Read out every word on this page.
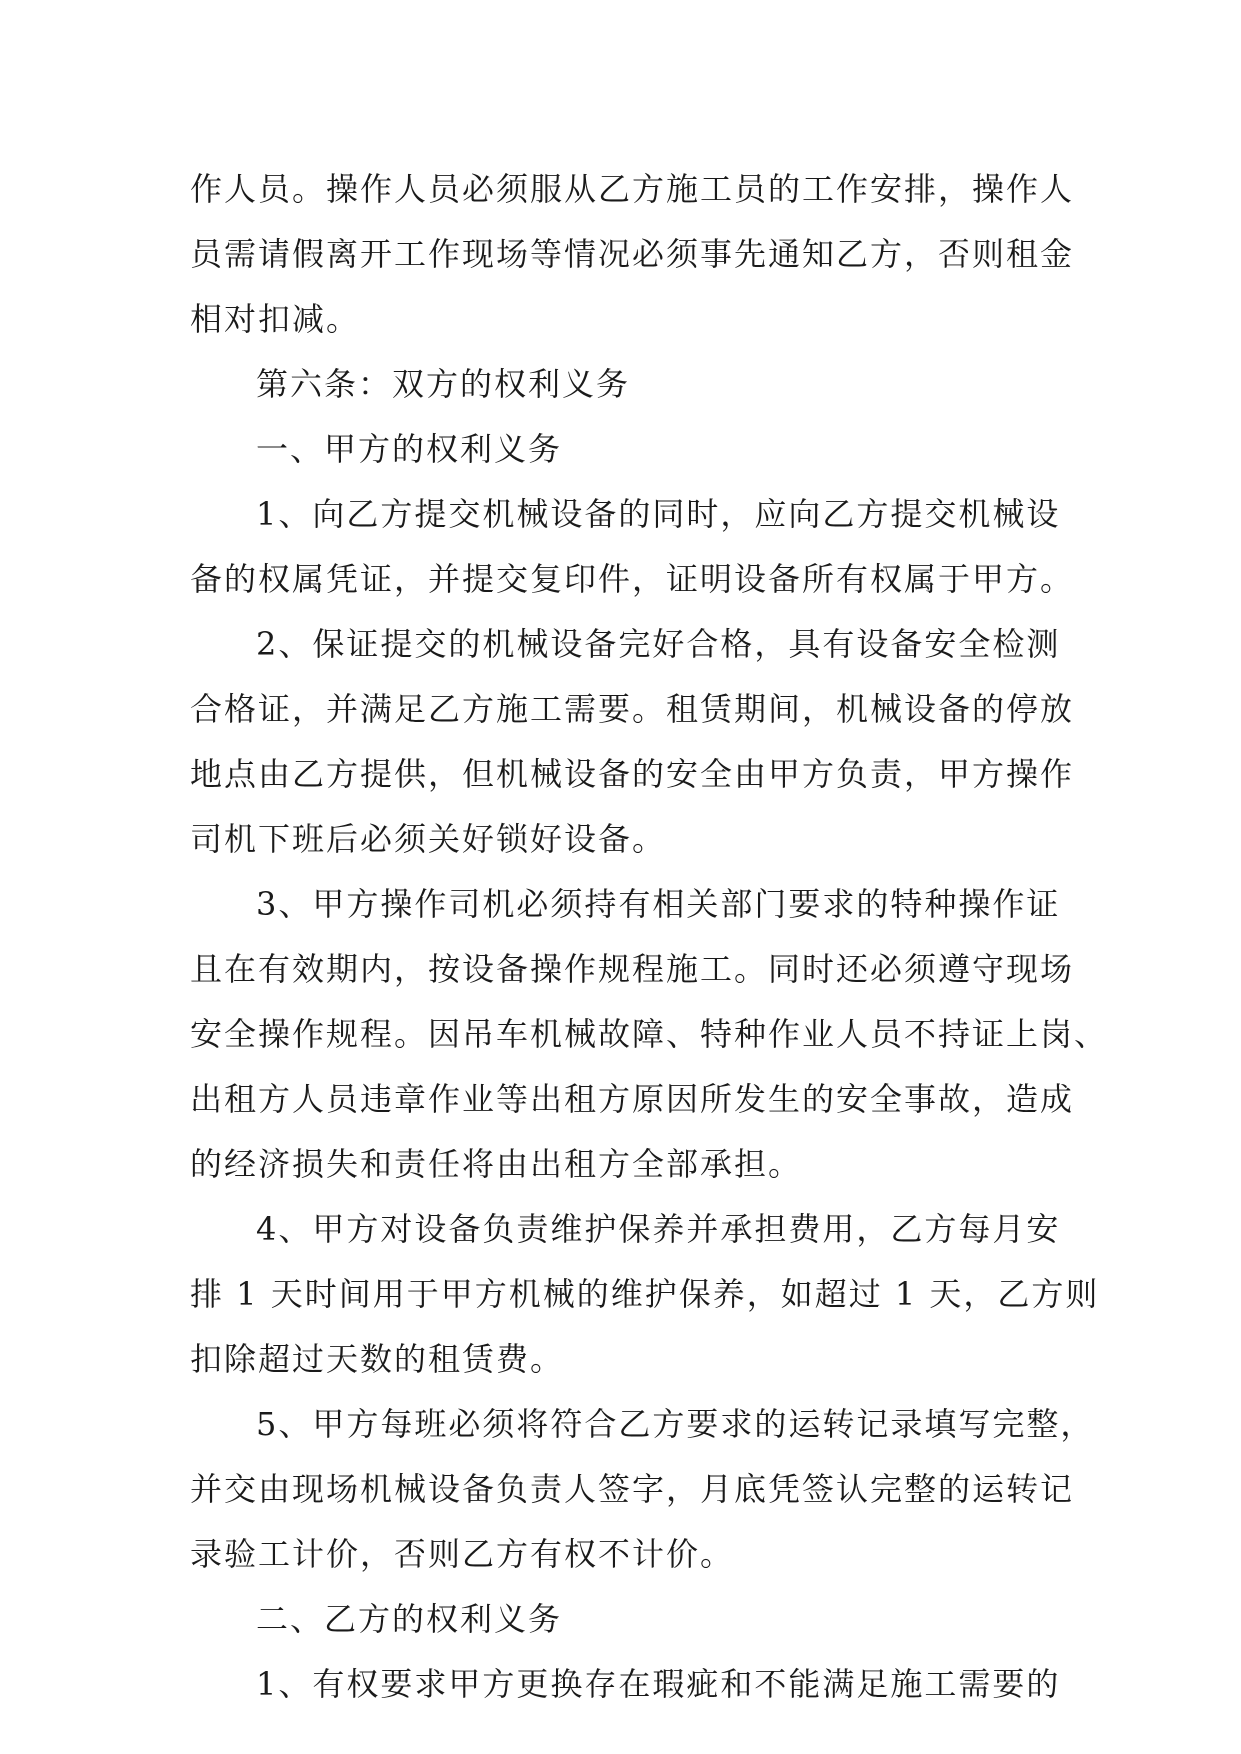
作人员。操作人员必须服从乙方施工员的工作安排，操作人
员需请假离开工作现场等情况必须事先通知乙方，否则租金
相对扣减。
第六条：双方的权利义务
一、甲方的权利义务
1、向乙方提交机械设备的同时，应向乙方提交机械设
备的权属凭证，并提交复印件，证明设备所有权属于甲方。
2、保证提交的机械设备完好合格，具有设备安全检测
合格证，并满足乙方施工需要。租赁期间，机械设备的停放
地点由乙方提供，但机械设备的安全由甲方负责，甲方操作
司机下班后必须关好锁好设备。
3、甲方操作司机必须持有相关部门要求的特种操作证
且在有效期内，按设备操作规程施工。同时还必须遵守现场
安全操作规程。因吊车机械故障、特种作业人员不持证上岗、
出租方人员违章作业等出租方原因所发生的安全事故，造成
的经济损失和责任将由出租方全部承担。
4、甲方对设备负责维护保养并承担费用，乙方每月安
排 1 天时间用于甲方机械的维护保养，如超过 1 天，乙方则
扣除超过天数的租赁费。
5、甲方每班必须将符合乙方要求的运转记录填写完整，
并交由现场机械设备负责人签字，月底凭签认完整的运转记
录验工计价，否则乙方有权不计价。
二、乙方的权利义务
1、有权要求甲方更换存在瑕疵和不能满足施工需要的
